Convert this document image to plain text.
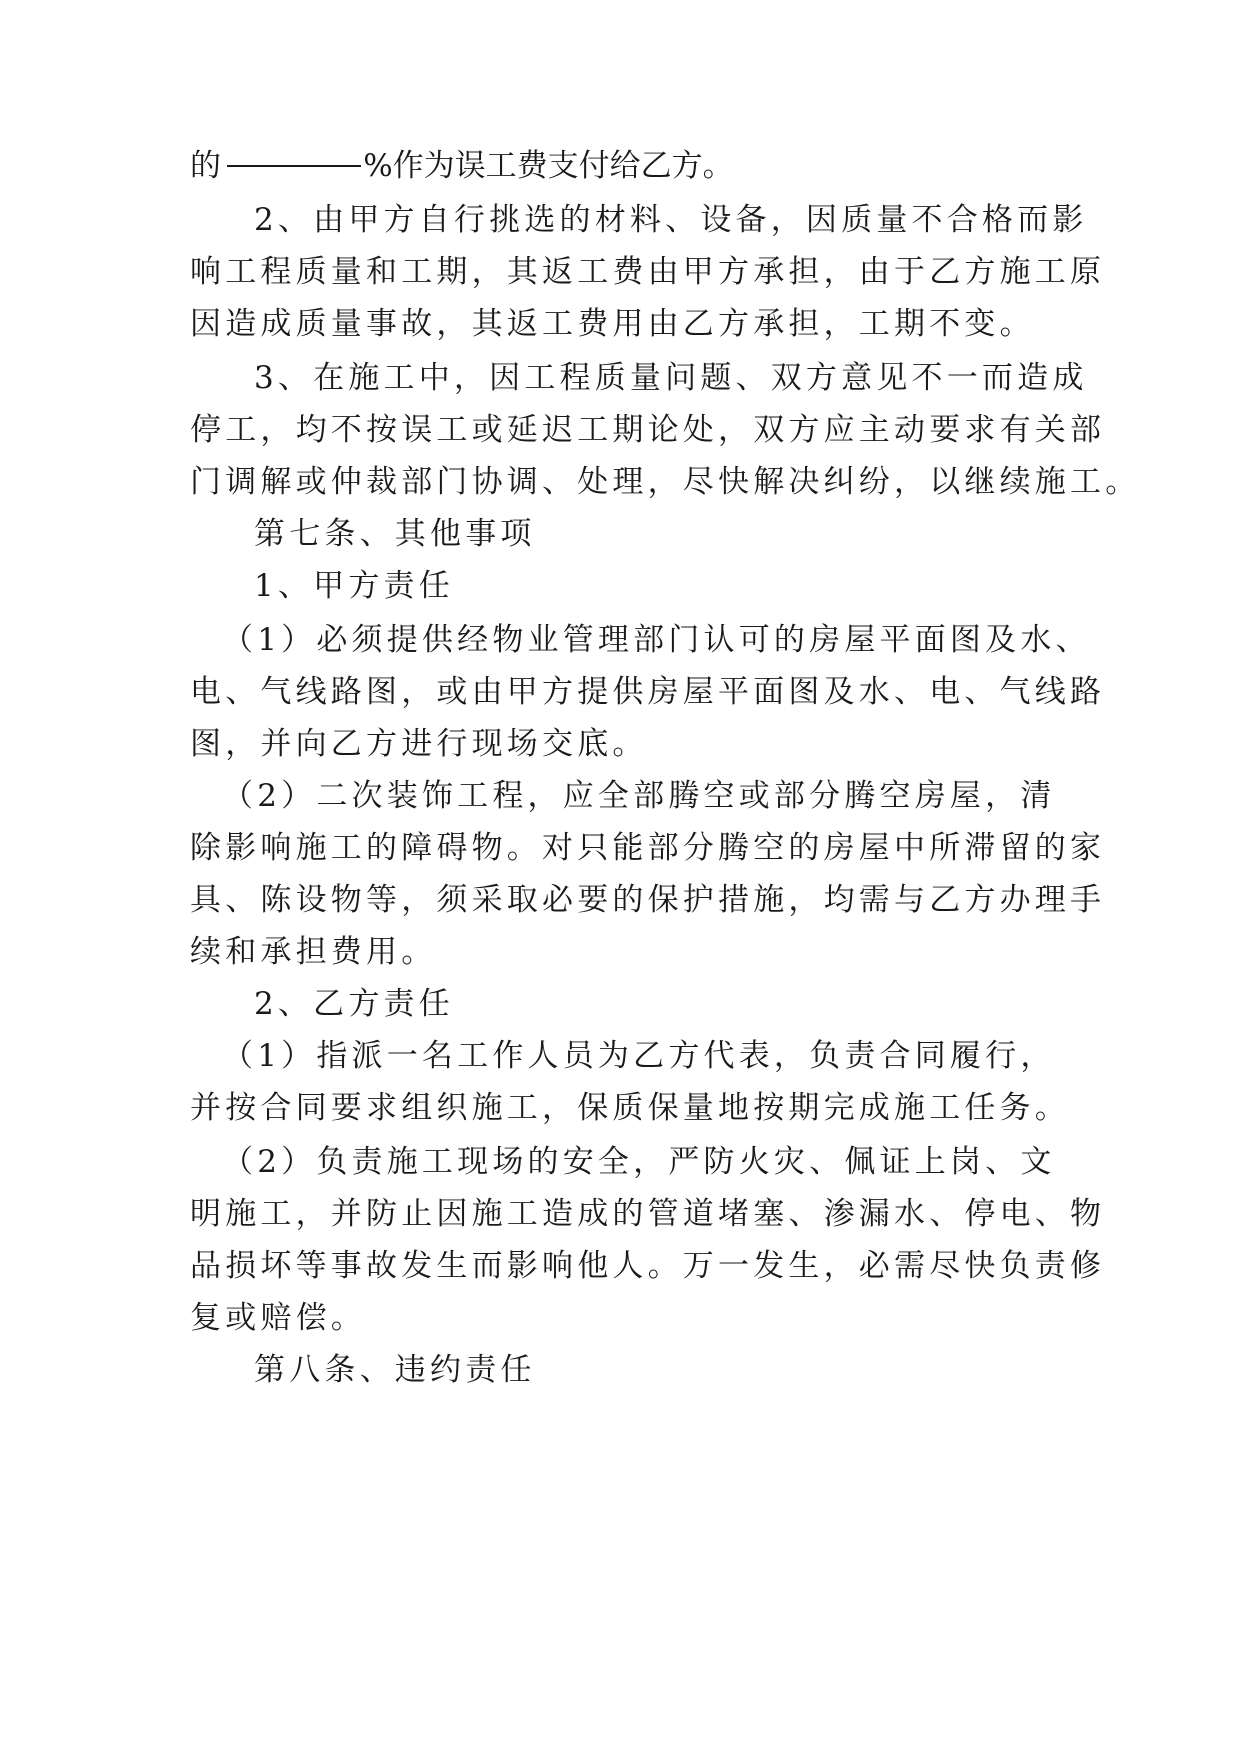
的	%作为误工费支付给乙方。
2、由甲方自行挑选的材料、设备，因质量不合格而影
响工程质量和工期，其返工费由甲方承担，由于乙方施工原
因造成质量事故，其返工费用由乙方承担，工期不变。
3、在施工中，因工程质量问题、双方意见不一而造成
停工，均不按误工或延迟工期论处，双方应主动要求有关部
门调解或仲裁部门协调、处理，尽快解决纠纷，以继续施工。
第七条、其他事项
1、甲方责任
（1）必须提供经物业管理部门认可的房屋平面图及水、
电、气线路图，或由甲方提供房屋平面图及水、电、气线路
图，并向乙方进行现场交底。
（2）二次装饰工程，应全部腾空或部分腾空房屋，清
除影响施工的障碍物。对只能部分腾空的房屋中所滞留的家
具、陈设物等，须采取必要的保护措施，均需与乙方办理手
续和承担费用。
2、乙方责任
（1）指派一名工作人员为乙方代表，负责合同履行，
并按合同要求组织施工，保质保量地按期完成施工任务。
（2）负责施工现场的安全，严防火灾、佩证上岗、文
明施工，并防止因施工造成的管道堵塞、渗漏水、停电、物
品损坏等事故发生而影响他人。万一发生，必需尽快负责修
复或赔偿。
第八条、违约责任
